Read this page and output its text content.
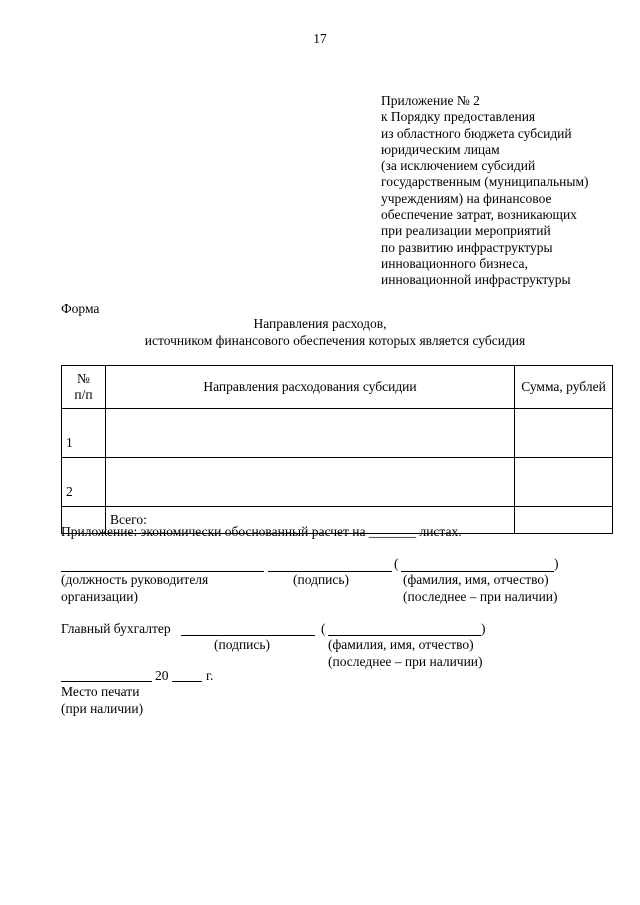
17
Приложение № 2
к Порядку предоставления
из областного бюджета субсидий
юридическим лицам
(за исключением субсидий
государственным (муниципальным)
учреждениям) на финансовое
обеспечение затрат, возникающих
при реализации мероприятий
по развитию инфраструктуры
инновационного бизнеса,
инновационной инфраструктуры
Форма
Направления расходов,
источником финансового обеспечения которых является субсидия
№
п/п	Направления расходования субсидии	Сумма, рублей
1		
2		
	Всего:	
Приложение: экономически обоснованный расчет на _______ листах.
(	)
(должность руководителя
организации)
(подпись)	(фамилия, имя, отчество)
(последнее – при наличии)
Главный бухгалтер	(	)
(подпись)	(фамилия, имя, отчество)
(последнее – при наличии)
20	г.
Место печати
(при наличии)
